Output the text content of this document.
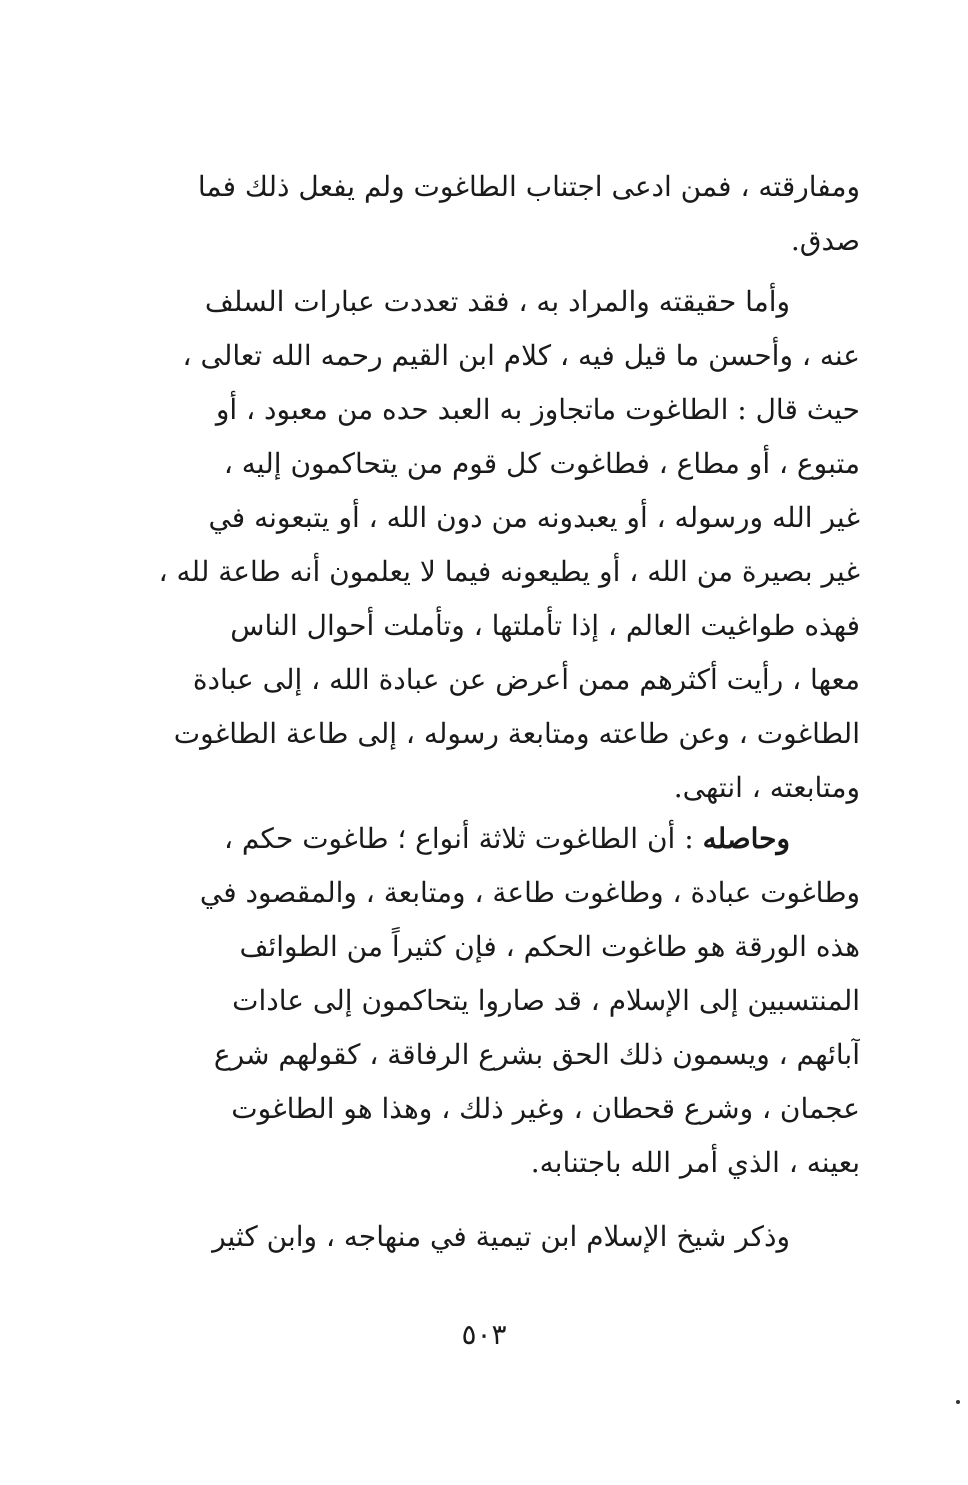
ومفارقته ، فمن ادعى اجتناب الطاغوت ولم يفعل ذلك فما
صدق.
وأما حقيقته والمراد به ، فقد تعددت عبارات السلف
عنه ، وأحسن ما قيل فيه ، كلام ابن القيم رحمه الله تعالى ،
حيث قال : الطاغوت ماتجاوز به العبد حده من معبود ، أو
متبوع ، أو مطاع ، فطاغوت كل قوم من يتحاكمون إليه ،
غير الله ورسوله ، أو يعبدونه من دون الله ، أو يتبعونه في
غير بصيرة من الله ، أو يطيعونه فيما لا يعلمون أنه طاعة لله ،
فهذه طواغيت العالم ، إذا تأملتها ، وتأملت أحوال الناس
معها ، رأيت أكثرهم ممن أعرض عن عبادة الله ، إلى عبادة
الطاغوت ، وعن طاعته ومتابعة رسوله ، إلى طاعة الطاغوت
ومتابعته ، انتهى.
وحاصله : أن الطاغوت ثلاثة أنواع ؛ طاغوت حكم ،
وطاغوت عبادة ، وطاغوت طاعة ، ومتابعة ، والمقصود في
هذه الورقة هو طاغوت الحكم ، فإن كثيراً من الطوائف
المنتسبين إلى الإسلام ، قد صاروا يتحاكمون إلى عادات
آبائهم ، ويسمون ذلك الحق بشرع الرفاقة ، كقولهم شرع
عجمان ، وشرع قحطان ، وغير ذلك ، وهذا هو الطاغوت
بعينه ، الذي أمر الله باجتنابه.
وذكر شيخ الإسلام ابن تيمية في منهاجه ، وابن كثير
٥٠٣
